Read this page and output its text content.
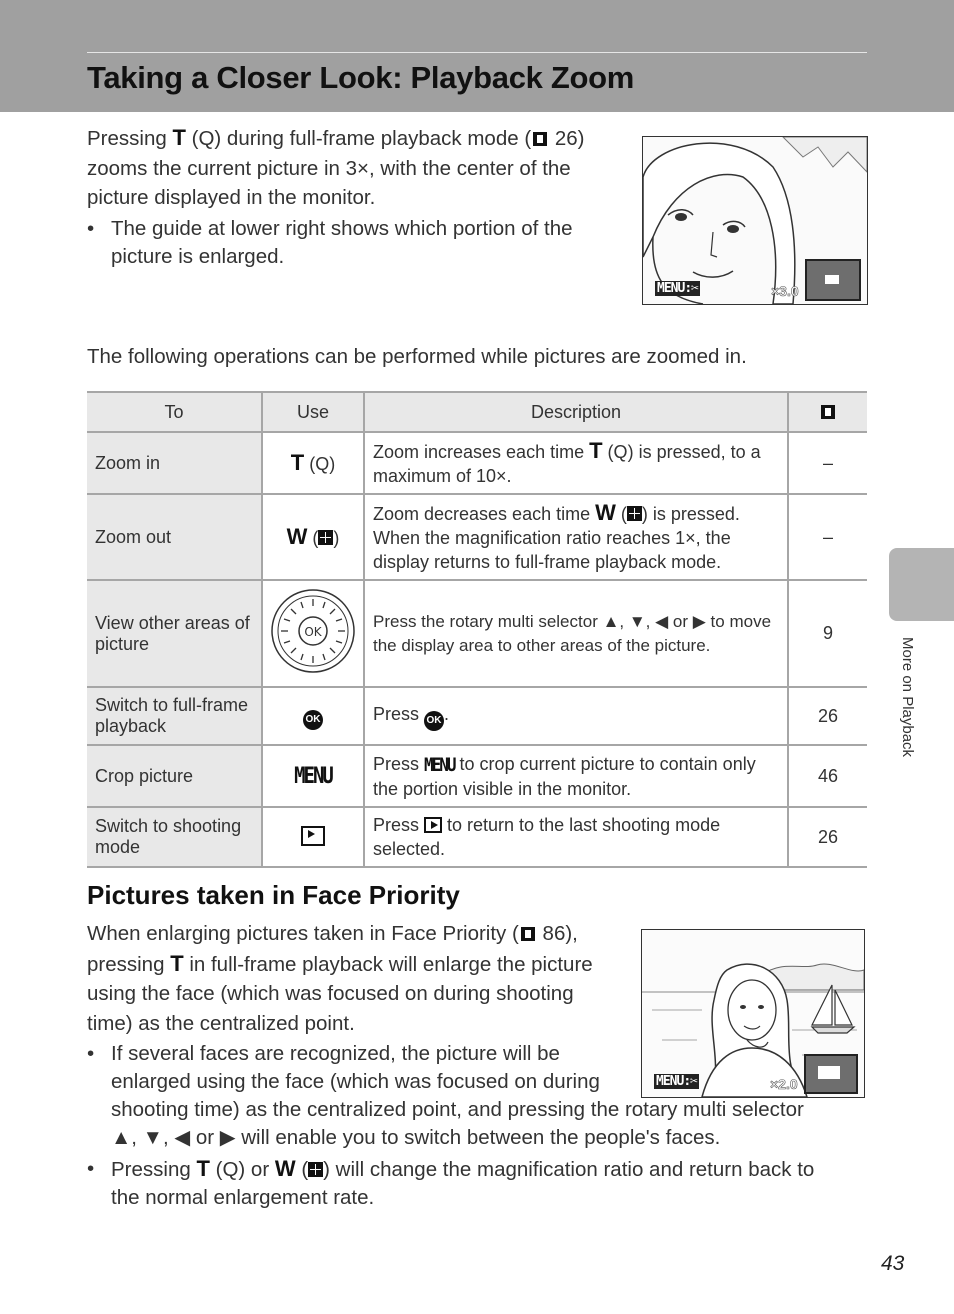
Taking a Closer Look: Playback Zoom
Pressing T (Q) during full-frame playback mode ( 26)
zooms the current picture in 3×, with the center of the
picture displayed in the monitor.
• The guide at lower right shows which portion of the picture is enlarged.
MENU:✂	×3.0
The following operations can be performed while pictures are zoomed in.
To	Use	Description	
Zoom in	T (Q)	Zoom increases each time T (Q) is pressed, to a maximum of 10×.	–
Zoom out	W ( )	Zoom decreases each time W ( ) is pressed. When the magnification ratio reaches 1×, the display returns to full-frame playback mode.	–
View other areas of picture	OK	Press the rotary multi selector ▲, ▼, ◀ or ▶ to move the display area to other areas of the picture.	9
Switch to full-frame playback	OK	Press OK .	26
Crop picture	MENU	Press MENU to crop current picture to contain only the portion visible in the monitor.	46
Switch to shooting mode		Press  to return to the last shooting mode selected.	26
Pictures taken in Face Priority
When enlarging pictures taken in Face Priority ( 86),
pressing T in full-frame playback will enlarge the picture
using the face (which was focused on during shooting
time) as the centralized point.
• If several faces are recognized, the picture will be
enlarged using the face (which was focused on during
shooting time) as the centralized point, and pressing the rotary multi selector
▲, ▼, ◀ or ▶ will enable you to switch between the people's faces.
• Pressing T (Q) or W ( ) will change the magnification ratio and return back to
the normal enlargement rate.
MENU:✂	×2.0
More on Playback
43
